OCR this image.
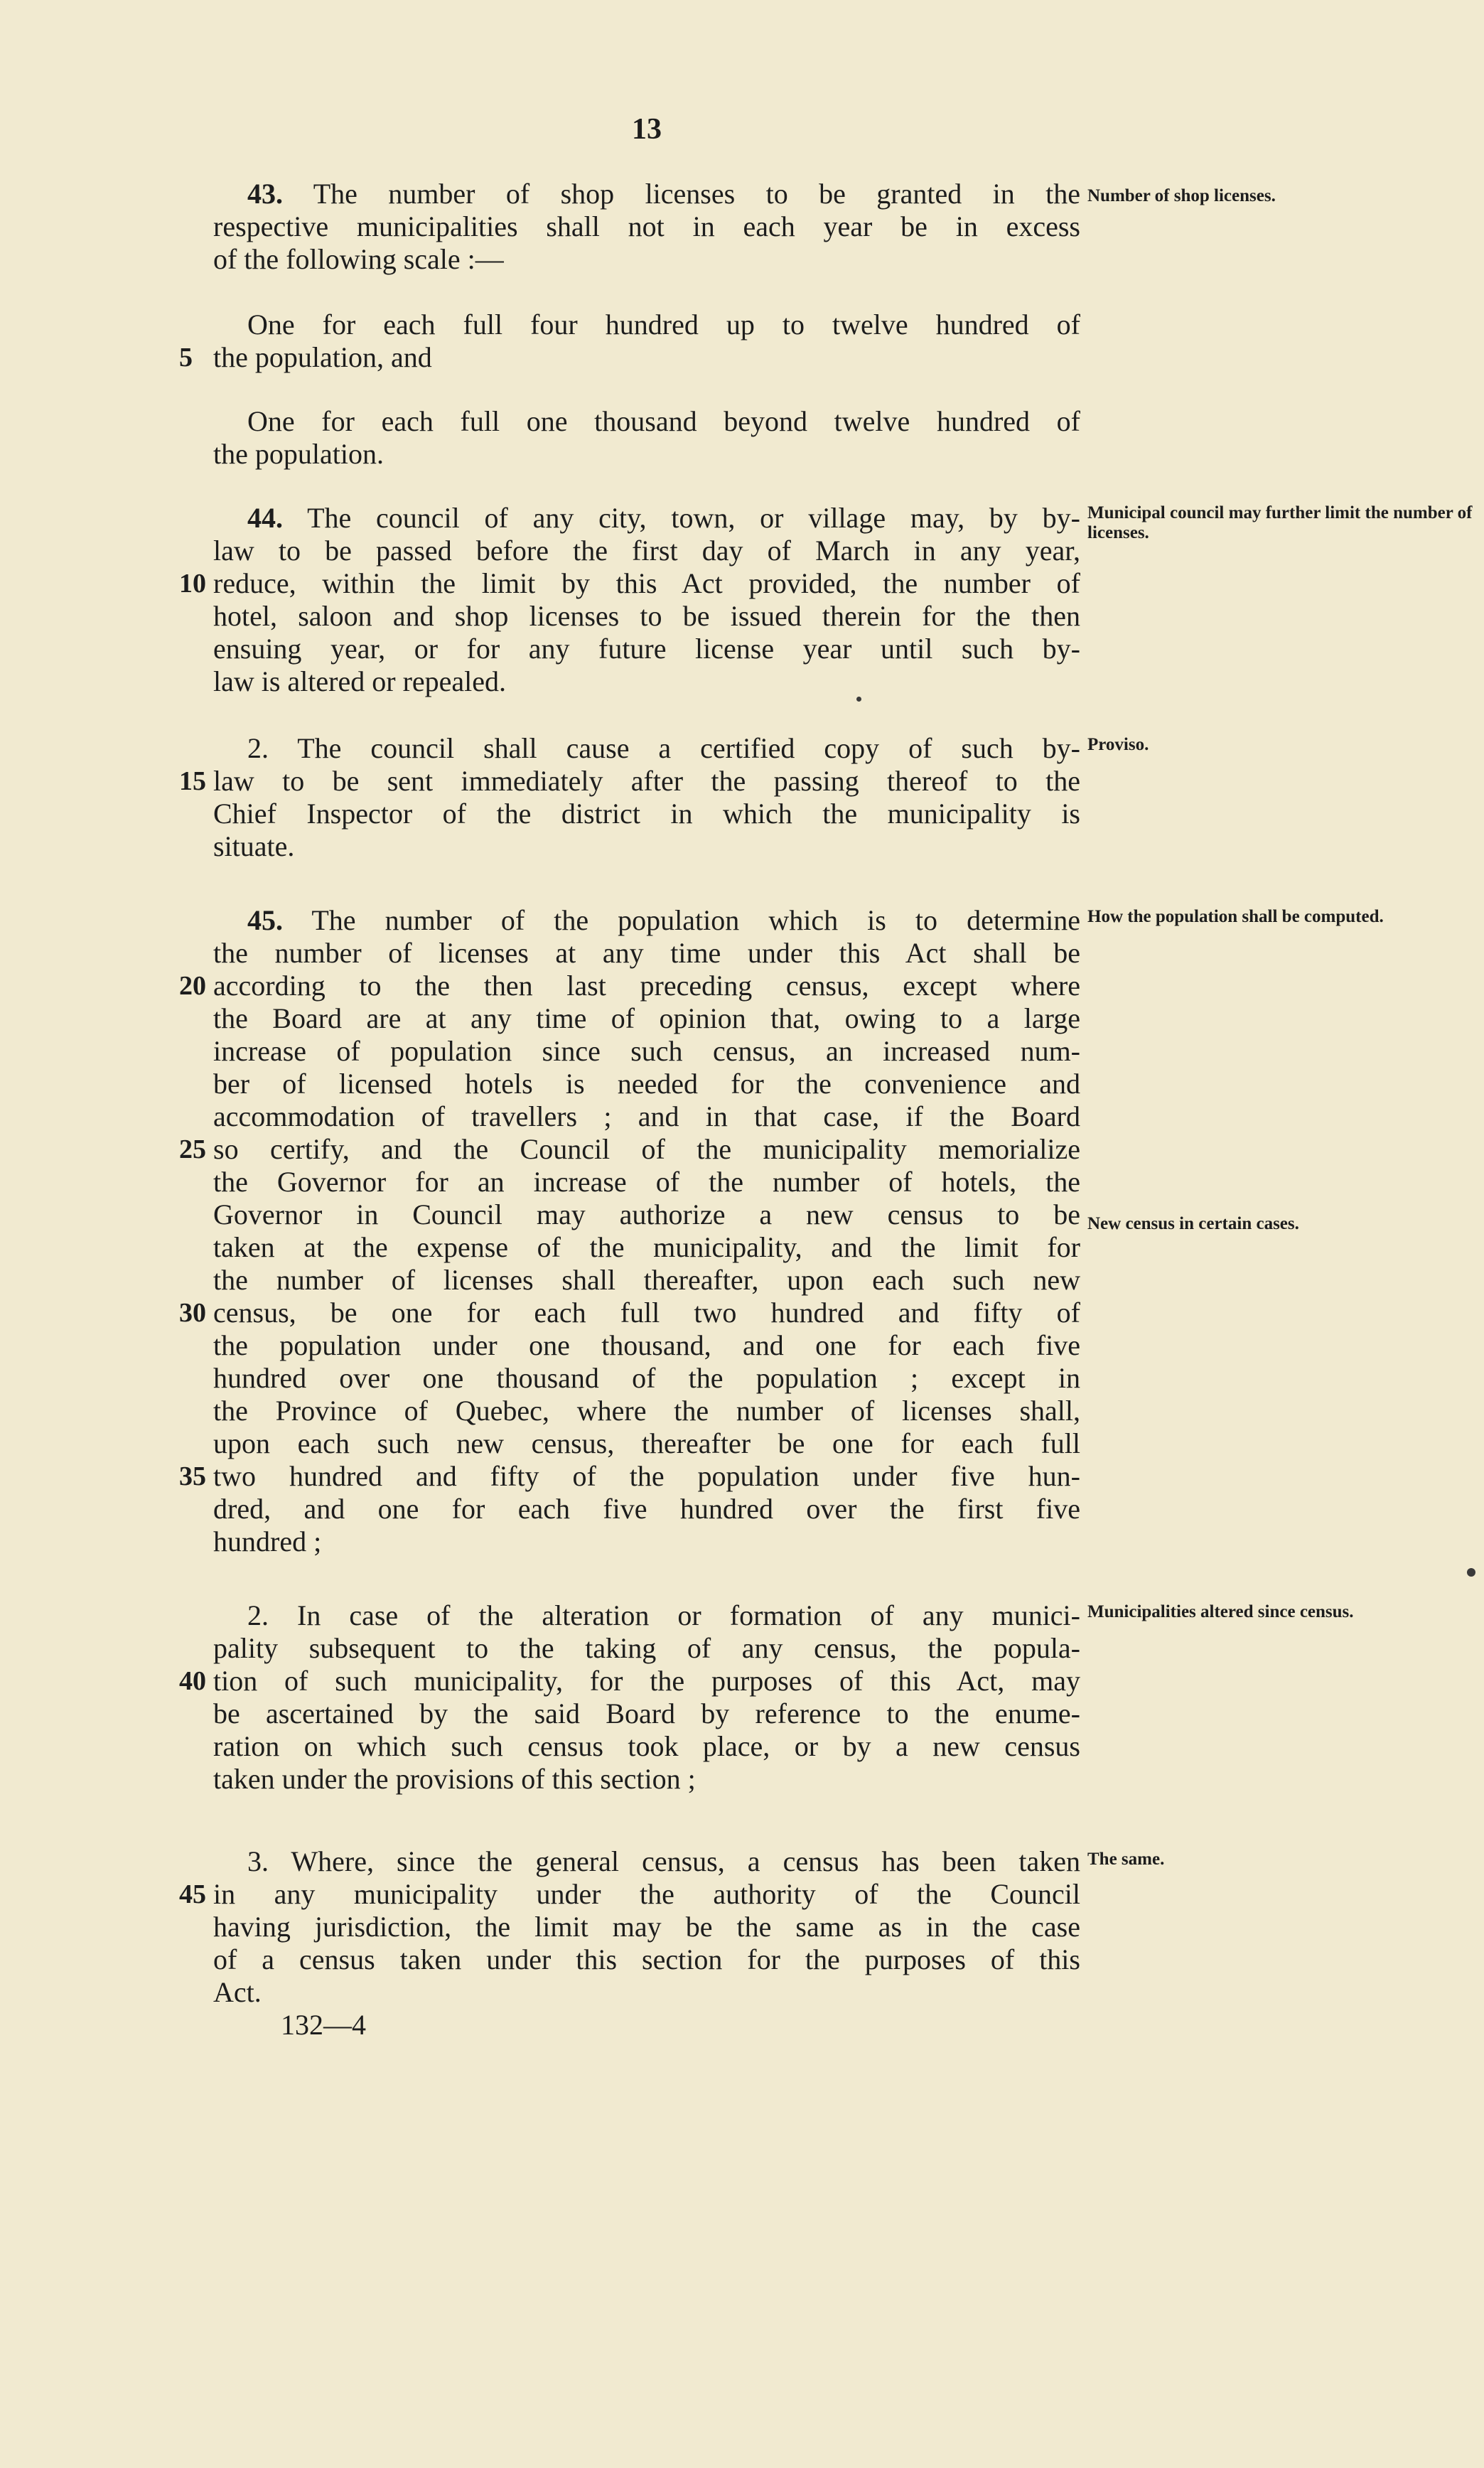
13
43. The number of shop licenses to be granted in the
respective municipalities shall not in each year be in excess
of the following scale :—
Number of shop licenses.
One for each full four hundred up to twelve hundred of
the population, and
One for each full one thousand beyond twelve hundred of
the population.
44. The council of any city, town, or village may, by by-
law to be passed before the first day of March in any year,
reduce, within the limit by this Act provided, the number of
hotel, saloon and shop licenses to be issued therein for the then
ensuing year, or for any future license year until such by-
law is altered or repealed.
Municipal council may further limit the number of licenses.
2. The council shall cause a certified copy of such by-
law to be sent immediately after the passing thereof to the
Chief Inspector of the district in which the municipality is
situate.
Proviso.
45. The number of the population which is to determine
the number of licenses at any time under this Act shall be
according to the then last preceding census, except where
the Board are at any time of opinion that, owing to a large
increase of population since such census, an increased num-
ber of licensed hotels is needed for the convenience and
accommodation of travellers ; and in that case, if the Board
so certify, and the Council of the municipality memorialize
the Governor for an increase of the number of hotels, the
Governor in Council may authorize a new census to be
taken at the expense of the municipality, and the limit for
the number of licenses shall thereafter, upon each such new
census, be one for each full two hundred and fifty of
the population under one thousand, and one for each five
hundred over one thousand of the population ; except in
the Province of Quebec, where the number of licenses shall,
upon each such new census, thereafter be one for each full
two hundred and fifty of the population under five hun-
dred, and one for each five hundred over the first five
hundred ;
How the population shall be computed.
New census in certain cases.
2. In case of the alteration or formation of any munici-
pality subsequent to the taking of any census, the popula-
tion of such municipality, for the purposes of this Act, may
be ascertained by the said Board by reference to the enume-
ration on which such census took place, or by a new census
taken under the provisions of this section ;
Municipalities altered since census.
3. Where, since the general census, a census has been taken
in any municipality under the authority of the Council
having jurisdiction, the limit may be the same as in the case
of a census taken under this section for the purposes of this
Act.
The same.
5
10
15
20
25
30
35
40
45
132—4
